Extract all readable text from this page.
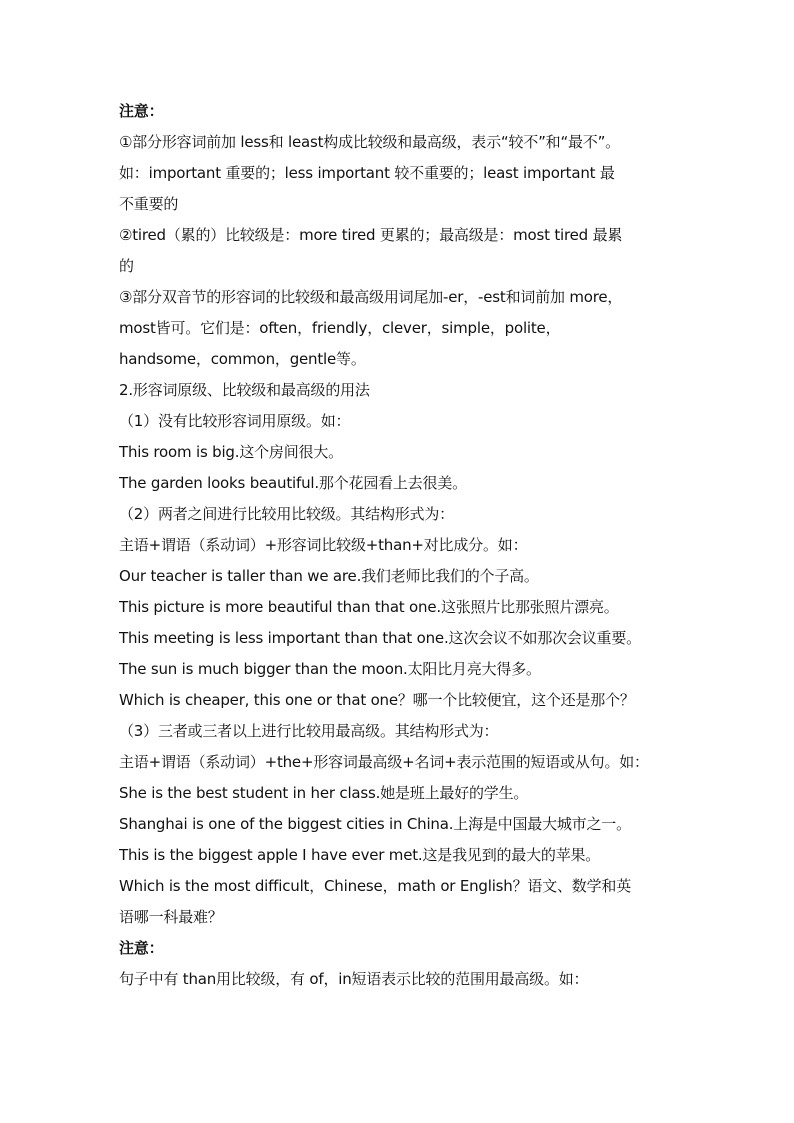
注意：
①部分形容词前加 less和 least构成比较级和最高级，表示“较不”和“最不”。
如：important 重要的；less important 较不重要的；least important 最
不重要的
②tired（累的）比较级是：more tired 更累的；最高级是：most tired 最累
的
③部分双音节的形容词的比较级和最高级用词尾加-er，-est和词前加 more，
most皆可。它们是：often，friendly，clever，simple，polite，
handsome，common，gentle等。
2.形容词原级、比较级和最高级的用法
（1）没有比较形容词用原级。如：
This room is big.这个房间很大。
The garden looks beautiful.那个花园看上去很美。
（2）两者之间进行比较用比较级。其结构形式为：
主语+谓语（系动词）+形容词比较级+than+对比成分。如：
Our teacher is taller than we are.我们老师比我们的个子高。
This picture is more beautiful than that one.这张照片比那张照片漂亮。
This meeting is less important than that one.这次会议不如那次会议重要。
The sun is much bigger than the moon.太阳比月亮大得多。
Which is cheaper, this one or that one？哪一个比较便宜，这个还是那个？
（3）三者或三者以上进行比较用最高级。其结构形式为：
主语+谓语（系动词）+the+形容词最高级+名词+表示范围的短语或从句。如：
She is the best student in her class.她是班上最好的学生。
Shanghai is one of the biggest cities in China.上海是中国最大城市之一。
This is the biggest apple I have ever met.这是我见到的最大的苹果。
Which is the most difficult，Chinese，math or English？语文、数学和英
语哪一科最难？
注意：
句子中有 than用比较级，有 of，in短语表示比较的范围用最高级。如：
